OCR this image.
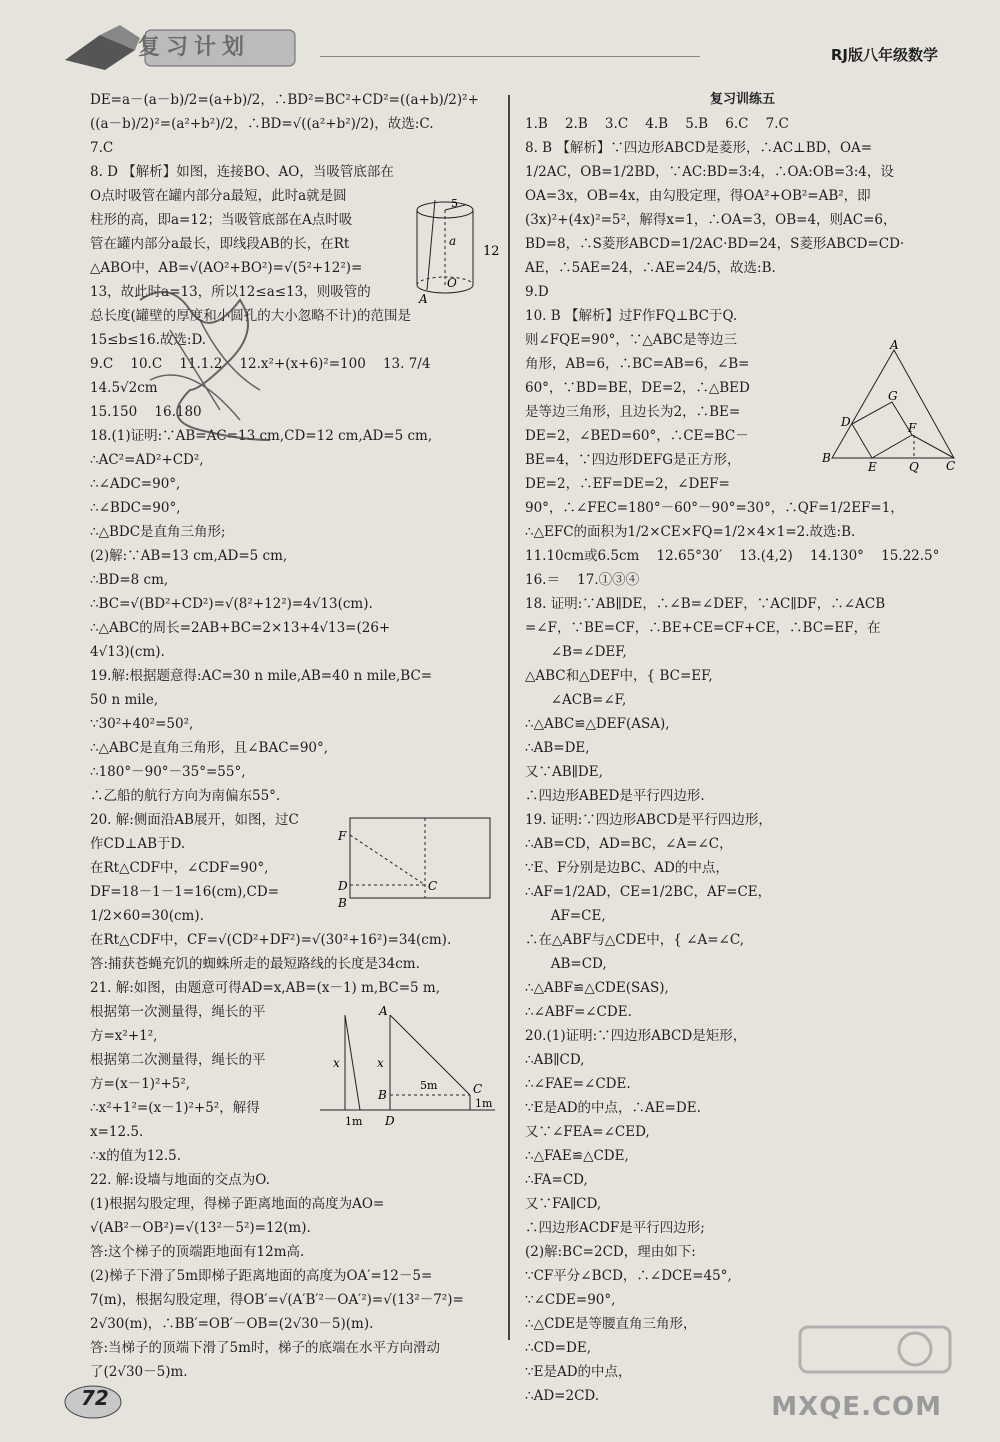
复习计划	RJ版八年级数学

DE=a－(a－b)/2=(a+b)/2，∴BD²=BC²+CD²=((a+b)/2)²+

((a－b)/2)²=(a²+b²)/2，∴BD=√((a²+b²)/2)，故选:C.

7.C

8. D 【解析】如图，连接BO、AO，当吸管底部在

O点时吸管在罐内部分a最短，此时a就是圆

柱形的高，即a=12；当吸管底部在A点时吸

管在罐内部分a最长，即线段AB的长，在Rt

△ABO中，AB=√(AO²+BO²)=√(5²+12²)=

13，故此时a=13，所以12≤a≤13，则吸管的

总长度(罐壁的厚度和小圆孔的大小忽略不计)的范围是

15≤b≤16.故选:D.

9.C    10.C    11.1.2    12.x²+(x+6)²=100    13. 7/4

14.5√2cm

15.150    16.180

18.(1)证明:∵AB=AC=13 cm,CD=12 cm,AD=5 cm,

∴AC²=AD²+CD²,

∴∠ADC=90°,

∴∠BDC=90°,

∴△BDC是直角三角形;

(2)解:∵AB=13 cm,AD=5 cm,

∴BD=8 cm,

∴BC=√(BD²+CD²)=√(8²+12²)=4√13(cm).

∴△ABC的周长=2AB+BC=2×13+4√13=(26+

4√13)(cm).

19.解:根据题意得:AC=30 n mile,AB=40 n mile,BC=

50 n mile,

∵30²+40²=50²,

∴△ABC是直角三角形，且∠BAC=90°,

∴180°－90°－35°=55°,

∴乙船的航行方向为南偏东55°.

20. 解:侧面沿AB展开，如图，过C

作CD⊥AB于D.

在Rt△CDF中，∠CDF=90°,

DF=18－1－1=16(cm),CD=

1/2×60=30(cm).

在Rt△CDF中，CF=√(CD²+DF²)=√(30²+16²)=34(cm).

答:捕获苍蝇充饥的蜘蛛所走的最短路线的长度是34cm.

21. 解:如图，由题意可得AD=x,AB=(x－1) m,BC=5 m,

根据第一次测量得，绳长的平

方=x²+1²,

根据第二次测量得，绳长的平

方=(x－1)²+5²,

∴x²+1²=(x－1)²+5²，解得

x=12.5.

∴x的值为12.5.

22. 解:设墙与地面的交点为O.

(1)根据勾股定理，得梯子距离地面的高度为AO=

√(AB²－OB²)=√(13²－5²)=12(m).

答:这个梯子的顶端距地面有12m高.

(2)梯子下滑了5m即梯子距离地面的高度为OA′=12－5=

7(m)，根据勾股定理，得OB′=√(A′B′²－OA′²)=√(13²－7²)=

2√30(m)，∴BB′=OB′－OB=(2√30－5)(m).

答:当梯子的顶端下滑了5m时，梯子的底端在水平方向滑动

了(2√30－5)m.

复习训练五

1.B    2.B    3.C    4.B    5.B    6.C    7.C

8. B 【解析】∵四边形ABCD是菱形，∴AC⊥BD，OA=

1/2AC，OB=1/2BD，∵AC:BD=3:4，∴OA:OB=3:4，设

OA=3x，OB=4x，由勾股定理，得OA²+OB²=AB²，即

(3x)²+(4x)²=5²，解得x=1，∴OA=3，OB=4，则AC=6，

BD=8，∴S菱形ABCD=1/2AC·BD=24，S菱形ABCD=CD·

AE，∴5AE=24，∴AE=24/5，故选:B.

9.D

10. B 【解析】过F作FQ⊥BC于Q.

则∠FQE=90°，∵△ABC是等边三

角形，AB=6，∴BC=AB=6，∠B=

60°，∵BD=BE，DE=2，∴△BED

是等边三角形，且边长为2，∴BE=

DE=2，∠BED=60°，∴CE=BC－

BE=4，∵四边形DEFG是正方形，

DE=2，∴EF=DE=2，∠DEF=

90°，∴∠FEC=180°－60°－90°=30°，∴QF=1/2EF=1，

∴△EFC的面积为1/2×CE×FQ=1/2×4×1=2.故选:B.

11.10cm或6.5cm    12.65°30′    13.(4,2)    14.130°    15.22.5°

16.＝    17.①③④

18. 证明:∵AB∥DE，∴∠B=∠DEF，∵AC∥DF，∴∠ACB

=∠F，∵BE=CF，∴BE+CE=CF+CE，∴BC=EF，在

∠B=∠DEF,

△ABC和△DEF中，{ BC=EF,

∠ACB=∠F,

∴△ABC≌△DEF(ASA),

∴AB=DE,

又∵AB∥DE,

∴四边形ABED是平行四边形.

19. 证明:∵四边形ABCD是平行四边形，

∴AB=CD，AD=BC，∠A=∠C，

∵E、F分别是边BC、AD的中点，

∴AF=1/2AD，CE=1/2BC，AF=CE，

AF=CE,

∴在△ABF与△CDE中，{ ∠A=∠C,

AB=CD,

∴△ABF≌△CDE(SAS),

∴∠ABF=∠CDE.

20.(1)证明:∵四边形ABCD是矩形，

∴AB∥CD,

∴∠FAE=∠CDE.

∵E是AD的中点，∴AE=DE.

又∵∠FEA=∠CED,

∴△FAE≌△CDE,

∴FA=CD,

又∵FA∥CD,

∴四边形ACDF是平行四边形;

(2)解:BC=2CD，理由如下:

∵CF平分∠BCD，∴∠DCE=45°,

∵∠CDE=90°,

∴△CDE是等腰直角三角形，

∴CD=DE,

∵E是AD的中点，

∴AD=2CD.

12
a
5
A
O
F
C
D
B
x	x
A
B	C
D
5m
1m
1m
A
B
C
D
E
F
G
Q
72	MXQE.COM
